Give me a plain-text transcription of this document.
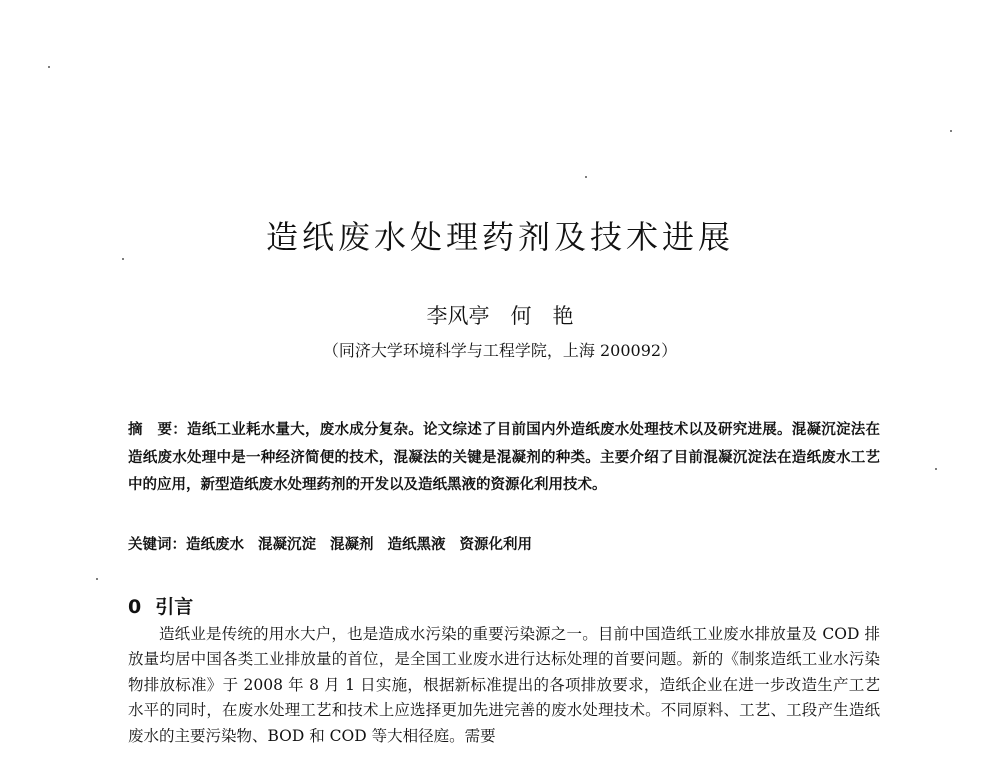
造纸废水处理药剂及技术进展
李风亭　何　艳
（同济大学环境科学与工程学院，上海 200092）
摘　要：造纸工业耗水量大，废水成分复杂。论文综述了目前国内外造纸废水处理技术以及研究进展。混凝沉淀法在造纸废水处理中是一种经济简便的技术，混凝法的关键是混凝剂的种类。主要介绍了目前混凝沉淀法在造纸废水工艺中的应用，新型造纸废水处理药剂的开发以及造纸黑液的资源化利用技术。
关键词：造纸废水 混凝沉淀 混凝剂 造纸黑液 资源化利用
0 引言
造纸业是传统的用水大户，也是造成水污染的重要污染源之一。目前中国造纸工业废水排放量及 COD 排放量均居中国各类工业排放量的首位，是全国工业废水进行达标处理的首要问题。新的《制浆造纸工业水污染物排放标准》于 2008 年 8 月 1 日实施，根据新标准提出的各项排放要求，造纸企业在进一步改造生产工艺水平的同时，在废水处理工艺和技术上应选择更加先进完善的废水处理技术。不同原料、工艺、工段产生造纸废水的主要污染物、BOD 和 COD 等大相径庭。需要
